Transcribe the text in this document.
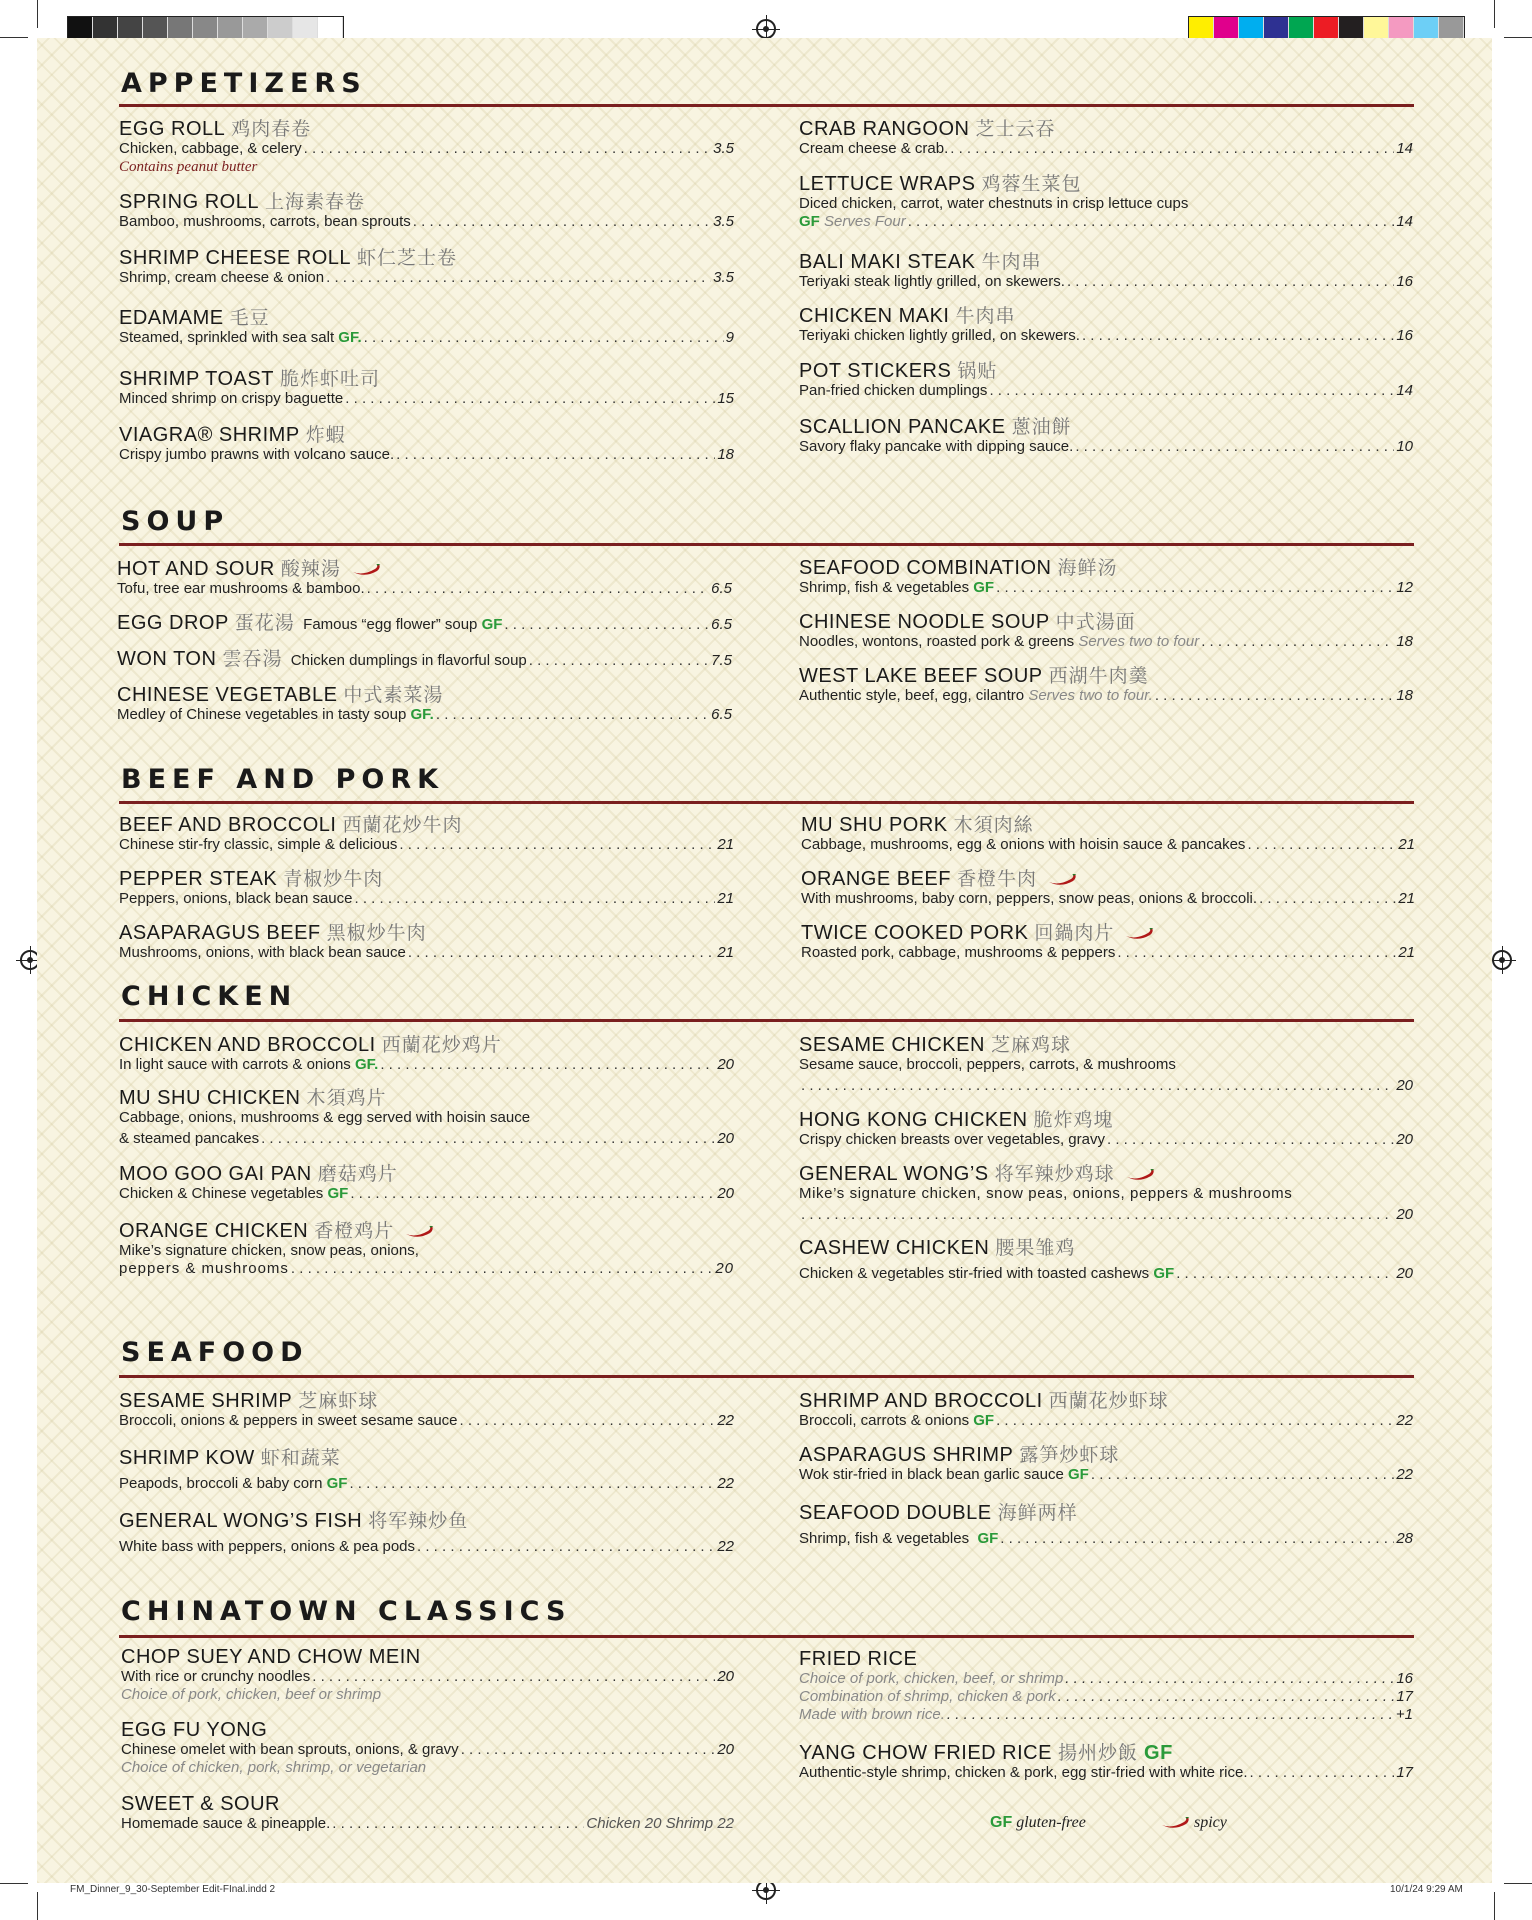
APPETIZERS
SOUP
BEEF AND PORK
CHICKEN
SEAFOOD
CHINATOWN CLASSICS
EGG ROLL 鸡肉春卷
Chicken, cabbage, & celery . . .	3.5
Contains peanut butter
SPRING ROLL 上海素春卷
Bamboo, mushrooms, carrots, bean sprouts . . .	3.5
SHRIMP CHEESE ROLL 虾仁芝士卷
Shrimp, cream cheese & onion . . .	3.5
EDAMAME 毛豆
Steamed, sprinkled with sea salt
GF. . . .	9
SHRIMP TOAST 脆炸虾吐司
Minced shrimp on crispy baguette . . .	15
VIAGRA® SHRIMP 炸蝦
Crispy jumbo prawns with volcano sauce. . . .	18
CRAB RANGOON 芝士云吞
Cream cheese & crab. . . .	14
LETTUCE WRAPS 鸡蓉生菜包
Diced chicken, carrot, water chestnuts in crisp lettuce cups
GF
Serves Four . . .	14
BALI MAKI STEAK 牛肉串
Teriyaki steak lightly grilled, on skewers. . . .	16
CHICKEN MAKI 牛肉串
Teriyaki chicken lightly grilled, on skewers. . . .	16
POT STICKERS 锅贴
Pan-fried chicken dumplings . . .	14
SCALLION PANCAKE 蔥油餅
Savory flaky pancake with dipping sauce. . . .	10
HOT AND SOUR 酸辣湯
Tofu, tree ear mushrooms & bamboo. . . .	6.5
EGG DROP 蛋花湯
Famous “egg flower” soup
GF . . .	6.5
WON TON 雲吞湯
Chicken dumplings in flavorful soup . . .	7.5
CHINESE VEGETABLE 中式素菜湯
Medley of Chinese vegetables in tasty soup
GF. . . .	6.5
SEAFOOD COMBINATION 海鲜汤
Shrimp, fish & vegetables
GF . . .	12
CHINESE NOODLE SOUP 中式湯面
Noodles, wontons, roasted pork & greens
Serves two to four . . .	18
WEST LAKE BEEF SOUP 西湖牛肉羹
Authentic style, beef, egg, cilantro
Serves two to four. . . .	18
BEEF AND BROCCOLI 西蘭花炒牛肉
Chinese stir-fry classic, simple & delicious . . .	21
PEPPER STEAK 青椒炒牛肉
Peppers, onions, black bean sauce . . .	21
ASAPARAGUS BEEF 黑椒炒牛肉
Mushrooms, onions, with black bean sauce . . .	21
MU SHU PORK 木須肉絲
Cabbage, mushrooms, egg & onions with hoisin sauce & pancakes . . .	21
ORANGE BEEF 香橙牛肉
With mushrooms, baby corn, peppers, snow peas, onions & broccoli. . . .	21
TWICE COOKED PORK 回鍋肉片
Roasted pork, cabbage, mushrooms & peppers . . .	21
CHICKEN AND BROCCOLI 西蘭花炒鸡片
In light sauce with carrots & onions
GF. . . .	20
MU SHU CHICKEN 木須鸡片
Cabbage, onions, mushrooms & egg served with hoisin sauce
& steamed pancakes . . .	20
MOO GOO GAI PAN 磨菇鸡片
Chicken & Chinese vegetables
GF . . .	20
ORANGE CHICKEN 香橙鸡片
Mike’s signature chicken, snow peas, onions,
peppers & mushrooms . . .	20
SESAME CHICKEN 芝麻鸡球
Sesame sauce, broccoli, peppers, carrots, & mushrooms
. . .
20
HONG KONG CHICKEN 脆炸鸡塊
Crispy chicken breasts over vegetables, gravy . . .	20
GENERAL WONG’S 将军辣炒鸡球
Mike’s signature chicken, snow peas, onions, peppers & mushrooms
. . .
20
CASHEW CHICKEN 腰果雏鸡
Chicken & vegetables stir-fried with toasted cashews
GF . . .	20
SESAME SHRIMP 芝麻虾球
Broccoli, onions & peppers in sweet sesame sauce . . .	22
SHRIMP KOW 虾和蔬菜
Peapods, broccoli & baby corn
GF . . .	22
GENERAL WONG’S FISH 将军辣炒鱼
White bass with peppers, onions & pea pods . . .	22
SHRIMP AND BROCCOLI 西蘭花炒虾球
Broccoli, carrots & onions
GF . . .	22
ASPARAGUS SHRIMP 露笋炒虾球
Wok stir-fried in black bean garlic sauce
GF . . .	22
SEAFOOD DOUBLE 海鲜两样
Shrimp, fish & vegetables
GF . . .	28
CHOP SUEY AND CHOW MEIN
With rice or crunchy noodles . . .	20
Choice of pork, chicken, beef or shrimp
EGG FU YONG
Chinese omelet with bean sprouts, onions, & gravy . . .	20
Choice of chicken, pork, shrimp, or vegetarian
SWEET & SOUR
Homemade sauce & pineapple. . . .	Chicken 20 Shrimp 22
FRIED RICE
Choice of pork, chicken, beef, or shrimp . . .	16
Combination of shrimp, chicken & pork . . .	17
Made with brown rice. . . .	+1
YANG CHOW FRIED RICE 揚州炒飯 GF
Authentic-style shrimp, chicken & pork, egg stir-fried with white rice. . . .	17
GF gluten-free	spicy
FM_Dinner_9_30-September Edit-FInal.indd 2	10/1/24 9:29 AM
